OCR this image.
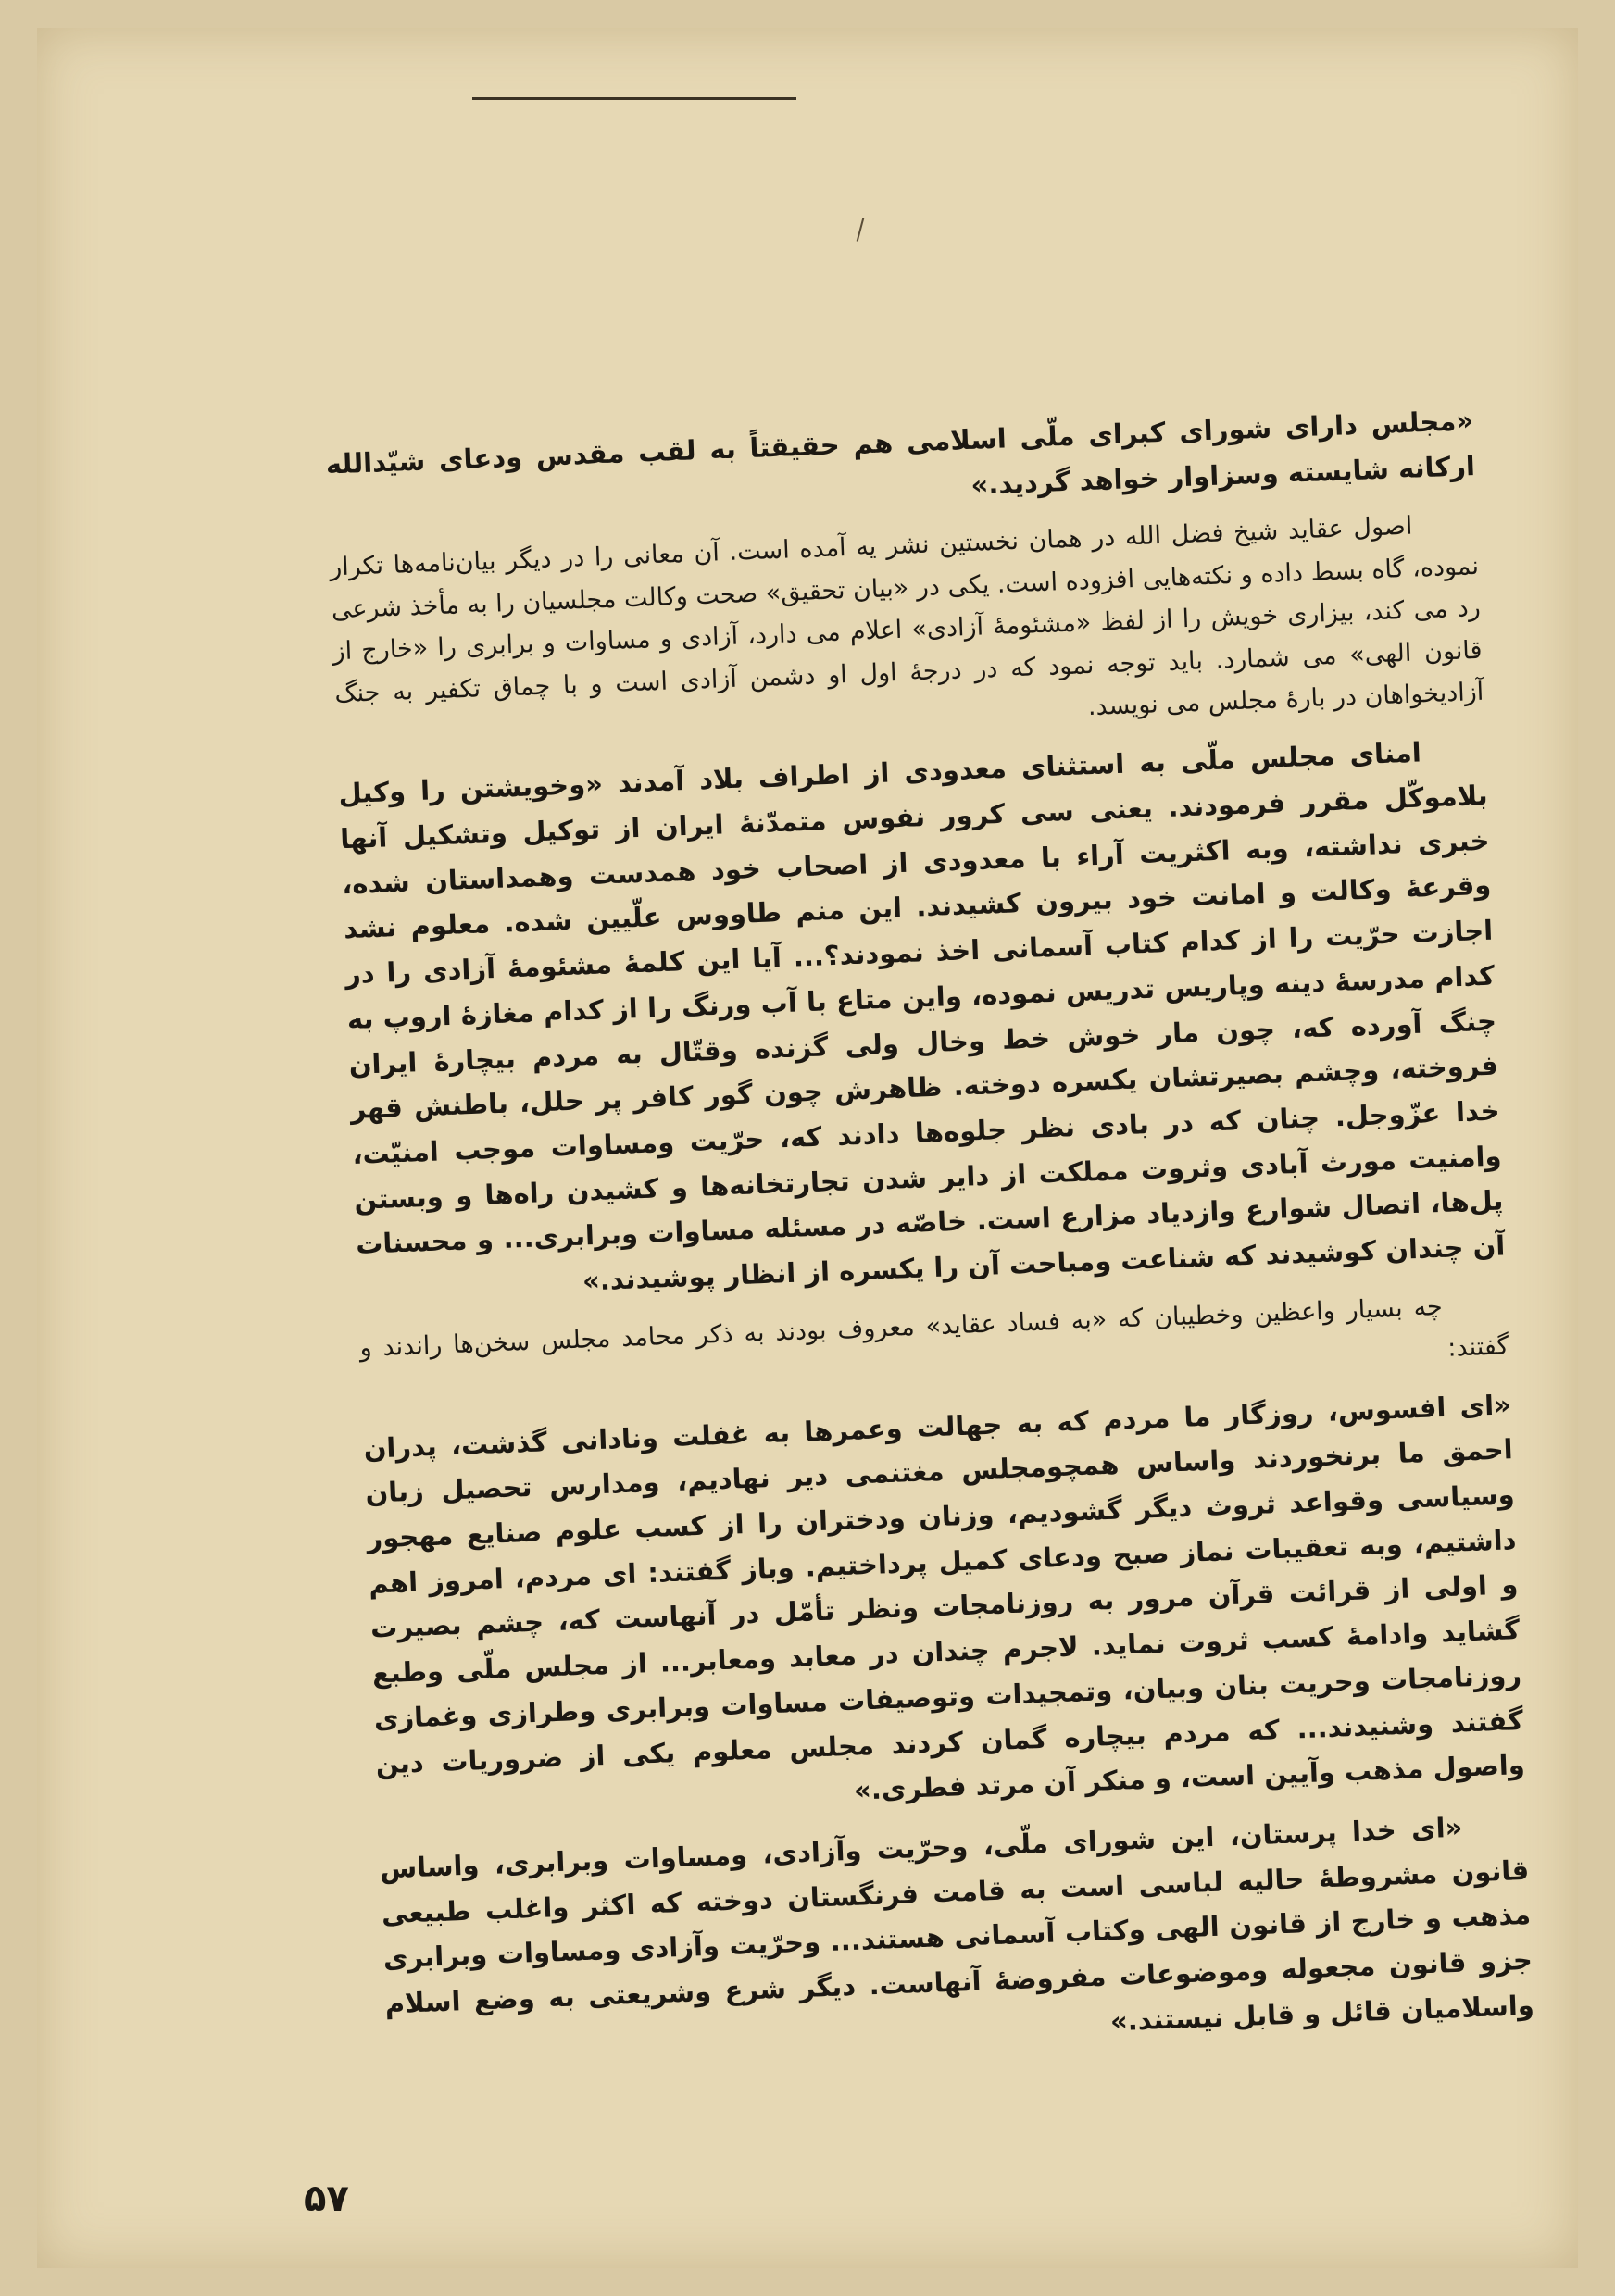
«مجلس دارای شورای کبرای ملّی اسلامی هم حقیقتاً به لقب مقدس ودعای شیّدالله ارکانه شایسته وسزاوار خواهد گردید.»

اصول عقاید شیخ فضل الله در همان نخستین نشر یه آمده است. آن معانی را در دیگر بیان‌نامه‌ها تکرار نموده، گاه بسط داده و نکته‌هایی افزوده است. یکی در «بیان تحقیق» صحت وکالت مجلسیان را به مأخذ شرعی رد می کند، بیزاری خویش را از لفظ «مشئومهٔ آزادی» اعلام می دارد، آزادی و مساوات و برابری را «خارج از قانون الهی» می شمارد. باید توجه نمود که در درجهٔ اول او دشمن آزادی است و با چماق تکفیر به جنگ آزادیخواهان در بارهٔ مجلس می نویسد.

امنای مجلس ملّی به استثنای معدودی از اطراف بلاد آمدند «وخویشتن را وکیل بلاموکّل مقرر فرمودند. یعنی سی کرور نفوس متمدّنهٔ ایران از توکیل وتشکیل آنها خبری نداشته، وبه اکثریت آراء با معدودی از اصحاب خود همدست وهمداستان شده، وقرعهٔ وکالت و امانت خود بیرون کشیدند. این منم طاووس علّیین شده. معلوم نشد اجازت حرّیت را از کدام کتاب آسمانی اخذ نمودند؟... آیا این کلمهٔ مشئومهٔ آزادی را در کدام مدرسهٔ دینه وپاریس تدریس نموده، واین متاع با آب ورنگ را از کدام مغازهٔ اروپ به چنگ آورده که، چون مار خوش خط وخال ولی گزنده وقتّال به مردم بیچارهٔ ایران فروخته، وچشم بصیرتشان یکسره دوخته. ظاهرش چون گور کافر پر حلل، باطنش قهر خدا عزّوجل. چنان که در بادی نظر جلوه‌ها دادند که، حرّیت ومساوات موجب امنیّت، وامنیت مورث آبادی وثروت مملکت از دایر شدن تجارتخانه‌ها و کشیدن راه‌ها و وبستن پل‌ها، اتصال شوارع وازدیاد مزارع است. خاصّه در مسئله مساوات وبرابری... و محسنات آن چندان کوشیدند که شناعت ومباحت آن را یکسره از انظار پوشیدند.»

چه بسیار واعظین وخطیبان که «به فساد عقاید» معروف بودند به ذکر محامد مجلس سخن‌ها راندند و گفتند:

«ای افسوس، روزگار ما مردم که به جهالت وعمرها به غفلت ونادانی گذشت، پدران احمق ما برنخوردند واساس همچومجلس مغتنمی دیر نهادیم، ومدارس تحصیل زبان وسیاسی وقواعد ثروث دیگر گشودیم، وزنان ودختران را از کسب علوم صنایع مهجور داشتیم، وبه تعقیبات نماز صبح ودعای کمیل پرداختیم. وباز گفتند: ای مردم، امروز اهم و اولی از قرائت قرآن مرور به روزنامجات ونظر تأمّل در آنهاست که، چشم بصیرت گشاید وادامهٔ کسب ثروت نماید. لاجرم چندان در معابد ومعابر... از مجلس ملّی وطبع روزنامجات وحریت بنان وبیان، وتمجیدات وتوصیفات مساوات وبرابری وطرازی وغمازی گفتند وشنیدند... که مردم بیچاره گمان کردند مجلس معلوم یکی از ضروریات دین واصول مذهب وآیین است، و منکر آن مرتد فطری.»

«ای خدا پرستان، این شورای ملّی، وحرّیت وآزادی، ومساوات وبرابری، واساس قانون مشروطهٔ حالیه لباسی است به قامت فرنگستان دوخته که اکثر واغلب طبیعی مذهب و خارج از قانون الهی وکتاب آسمانی هستند... وحرّیت وآزادی ومساوات وبرابری جزو قانون مجعوله وموضوعات مفروضهٔ آنهاست. دیگر شرع وشریعتی به وضع اسلام واسلامیان قائل و قابل نیستند.»

۵۷
